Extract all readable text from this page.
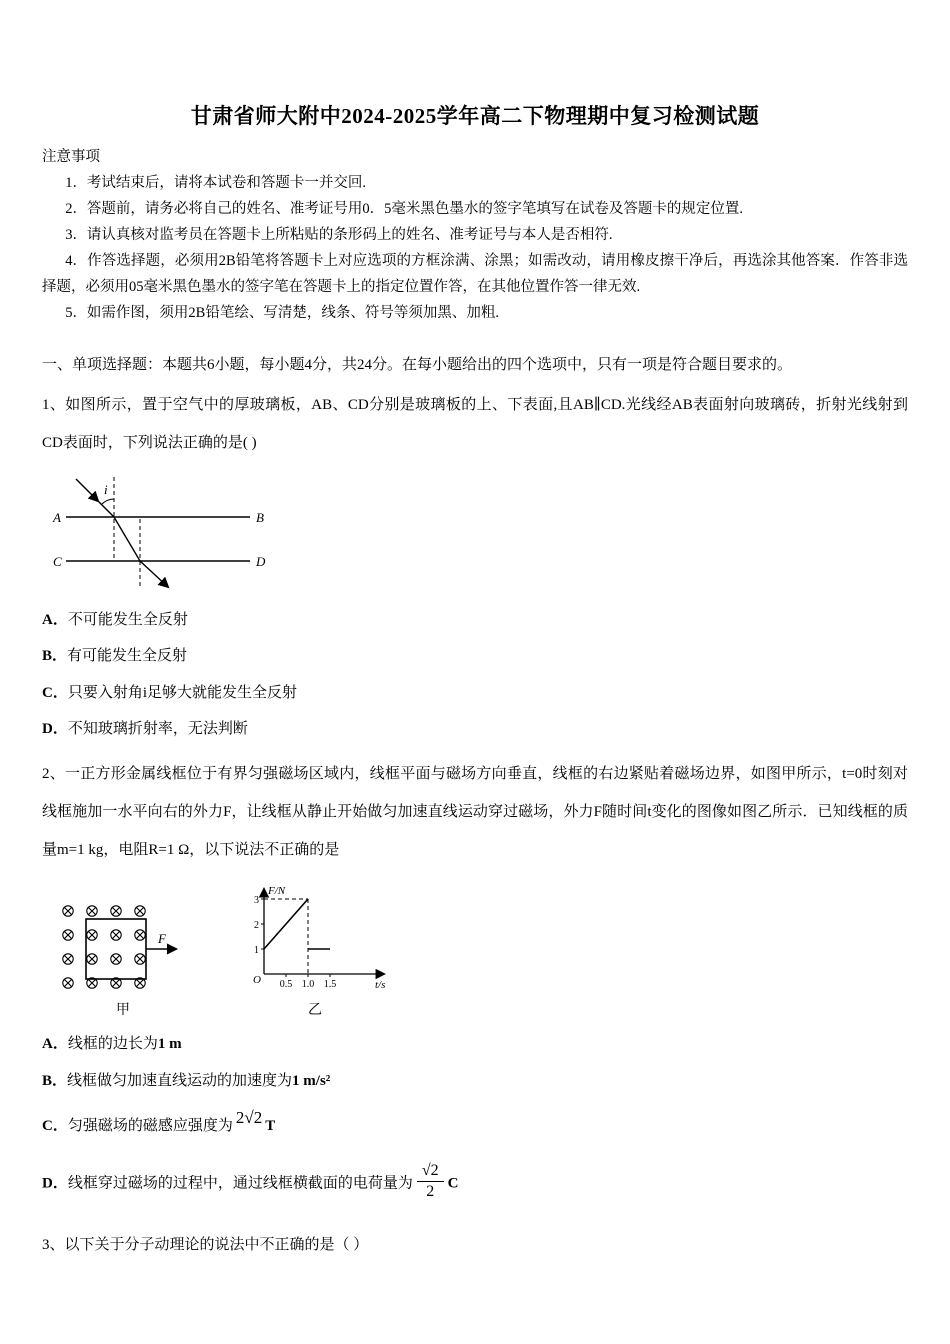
甘肃省师大附中2024-2025学年高二下物理期中复习检测试题
注意事项
1．考试结束后，请将本试卷和答题卡一并交回.
2．答题前，请务必将自己的姓名、准考证号用0．5毫米黑色墨水的签字笔填写在试卷及答题卡的规定位置.
3．请认真核对监考员在答题卡上所粘贴的条形码上的姓名、准考证号与本人是否相符.
4．作答选择题，必须用2B铅笔将答题卡上对应选项的方框涂满、涂黑；如需改动，请用橡皮擦干净后，再选涂其他答案．作答非选择题，必须用05毫米黑色墨水的签字笔在答题卡上的指定位置作答，在其他位置作答一律无效.
5．如需作图，须用2B铅笔绘、写清楚，线条、符号等须加黑、加粗.
一、单项选择题：本题共6小题，每小题4分，共24分。在每小题给出的四个选项中，只有一项是符合题目要求的。

1、如图所示，置于空气中的厚玻璃板，AB、CD分别是玻璃板的上、下表面,且AB∥CD.光线经AB表面射向玻璃砖，折射光线射到CD表面时，下列说法正确的是( )

i
A	B
C	D
A．不可能发生全反射
B．有可能发生全反射
C．只要入射角i足够大就能发生全反射
D．不知玻璃折射率，无法判断

2、一正方形金属线框位于有界匀强磁场区域内，线框平面与磁场方向垂直，线框的右边紧贴着磁场边界，如图甲所示，t=0时刻对线框施加一水平向右的外力F，让线框从静止开始做匀加速直线运动穿过磁场，外力F随时间t变化的图像如图乙所示．已知线框的质量m=1 kg，电阻R=1 Ω，以下说法不正确的是

F
甲
F/N
t/s
O
3
2
1
0.5 1.0 1.5
乙
A．线框的边长为1 m
B．线框做匀加速直线运动的加速度为1 m/s²
C．匀强磁场的磁感应强度为 2√2 T
D．线框穿过磁场的过程中，通过线框横截面的电荷量为 $\frac{√2}{2}$ C

3、以下关于分子动理论的说法中不正确的是（ ）
